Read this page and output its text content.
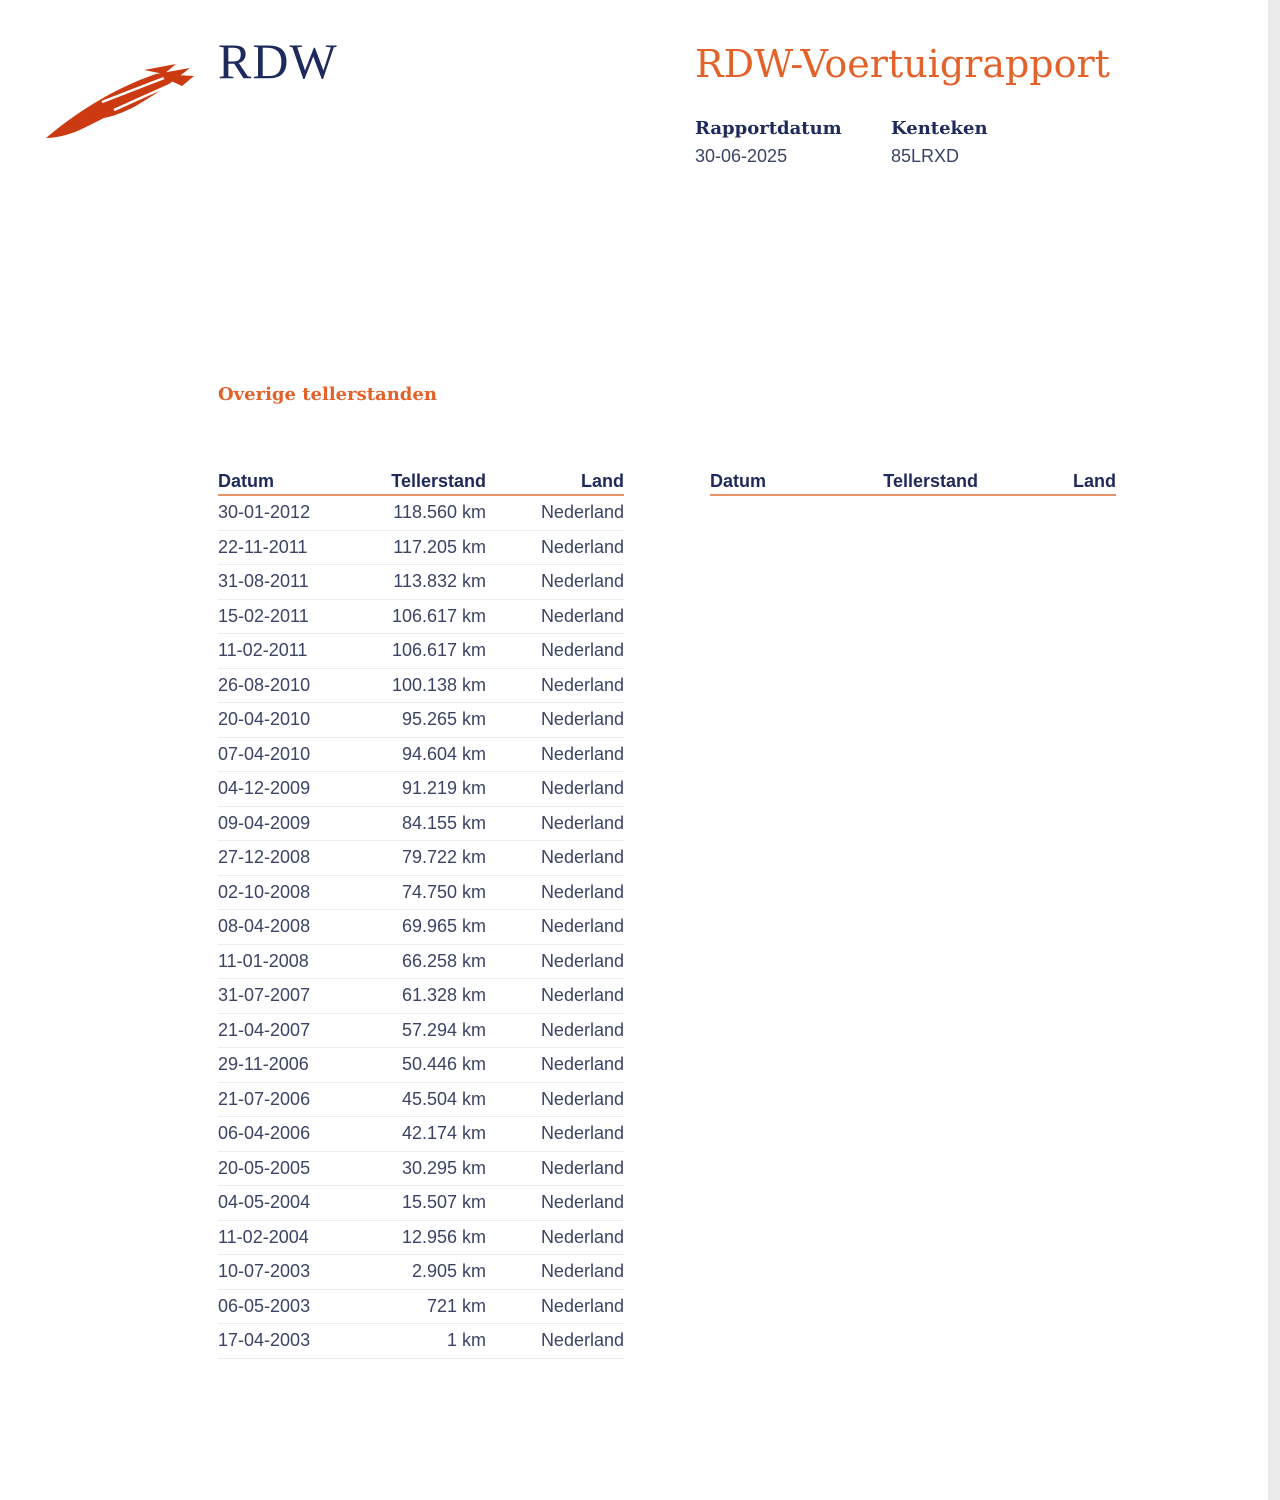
RDW	RDW-Voertuigrapport
Rapportdatum
30-06-2025
Kenteken
85LRXD
Overige tellerstanden
Datum	Tellerstand	Land
30-01-2012	118.560 km	Nederland
22-11-2011	117.205 km	Nederland
31-08-2011	113.832 km	Nederland
15-02-2011	106.617 km	Nederland
11-02-2011	106.617 km	Nederland
26-08-2010	100.138 km	Nederland
20-04-2010	95.265 km	Nederland
07-04-2010	94.604 km	Nederland
04-12-2009	91.219 km	Nederland
09-04-2009	84.155 km	Nederland
27-12-2008	79.722 km	Nederland
02-10-2008	74.750 km	Nederland
08-04-2008	69.965 km	Nederland
11-01-2008	66.258 km	Nederland
31-07-2007	61.328 km	Nederland
21-04-2007	57.294 km	Nederland
29-11-2006	50.446 km	Nederland
21-07-2006	45.504 km	Nederland
06-04-2006	42.174 km	Nederland
20-05-2005	30.295 km	Nederland
04-05-2004	15.507 km	Nederland
11-02-2004	12.956 km	Nederland
10-07-2003	2.905 km	Nederland
06-05-2003	721 km	Nederland
17-04-2003	1 km	Nederland
Datum	Tellerstand	Land
